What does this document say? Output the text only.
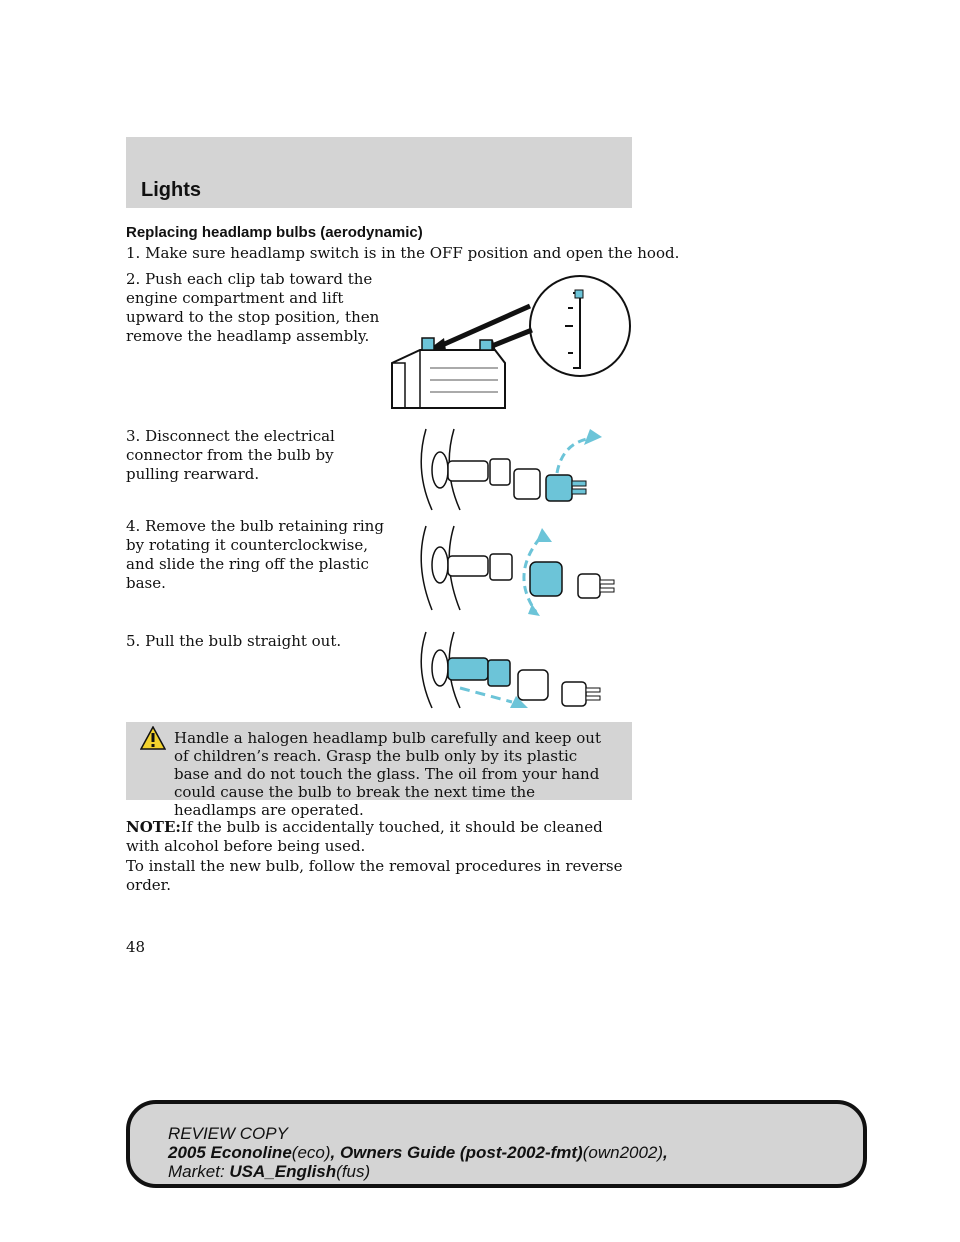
Lights
Replacing headlamp bulbs (aerodynamic)
1. Make sure headlamp switch is in the OFF position and open the hood.
2. Push each clip tab toward the engine compartment and lift upward to the stop position, then remove the headlamp assembly.
3. Disconnect the electrical connector from the bulb by pulling rearward.
4. Remove the bulb retaining ring by rotating it counterclockwise, and slide the ring off the plastic base.
5. Pull the bulb straight out.
Handle a halogen headlamp bulb carefully and keep out of children’s reach. Grasp the bulb only by its plastic base and do not touch the glass. The oil from your hand could cause the bulb to break the next time the headlamps are operated.
NOTE:If the bulb is accidentally touched, it should be cleaned with alcohol before being used.
To install the new bulb, follow the removal procedures in reverse order.
48
REVIEW COPY
2005 Econoline(eco), Owners Guide (post-2002-fmt)(own2002),
Market: USA_English(fus)
